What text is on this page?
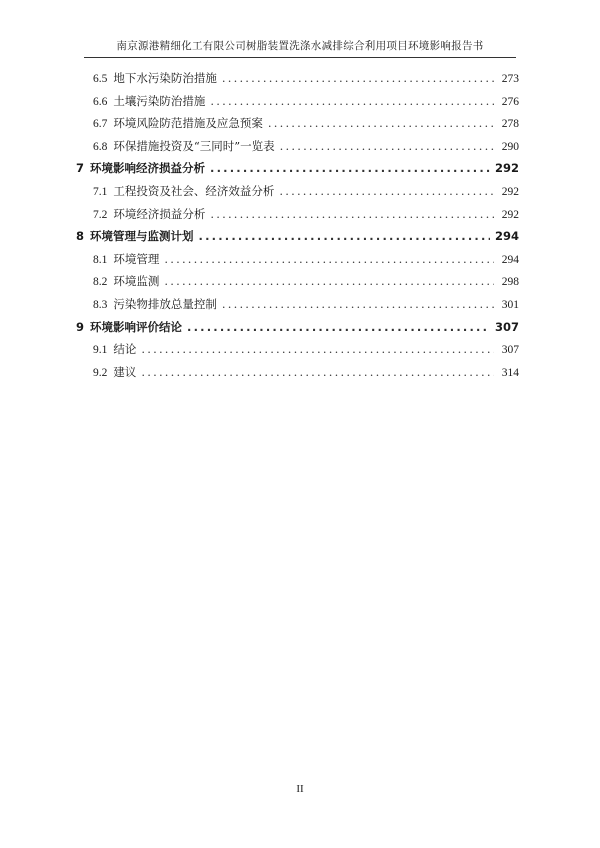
南京源港精细化工有限公司树脂装置洗涤水减排综合利用项目环境影响报告书
6.5 地下水污染防治措施 .....	273
6.6 土壤污染防治措施 .....	276
6.7 环境风险防范措施及应急预案 .....	278
6.8 环保措施投资及“三同时”一览表 .....	290
7 环境影响经济损益分析 .....	292
7.1 工程投资及社会、经济效益分析 .....	292
7.2 环境经济损益分析 .....	292
8 环境管理与监测计划 .....	294
8.1 环境管理 .....	294
8.2 环境监测 .....	298
8.3 污染物排放总量控制 .....	301
9 环境影响评价结论 .....	307
9.1 结论 .....	307
9.2 建议 .....	314
II
